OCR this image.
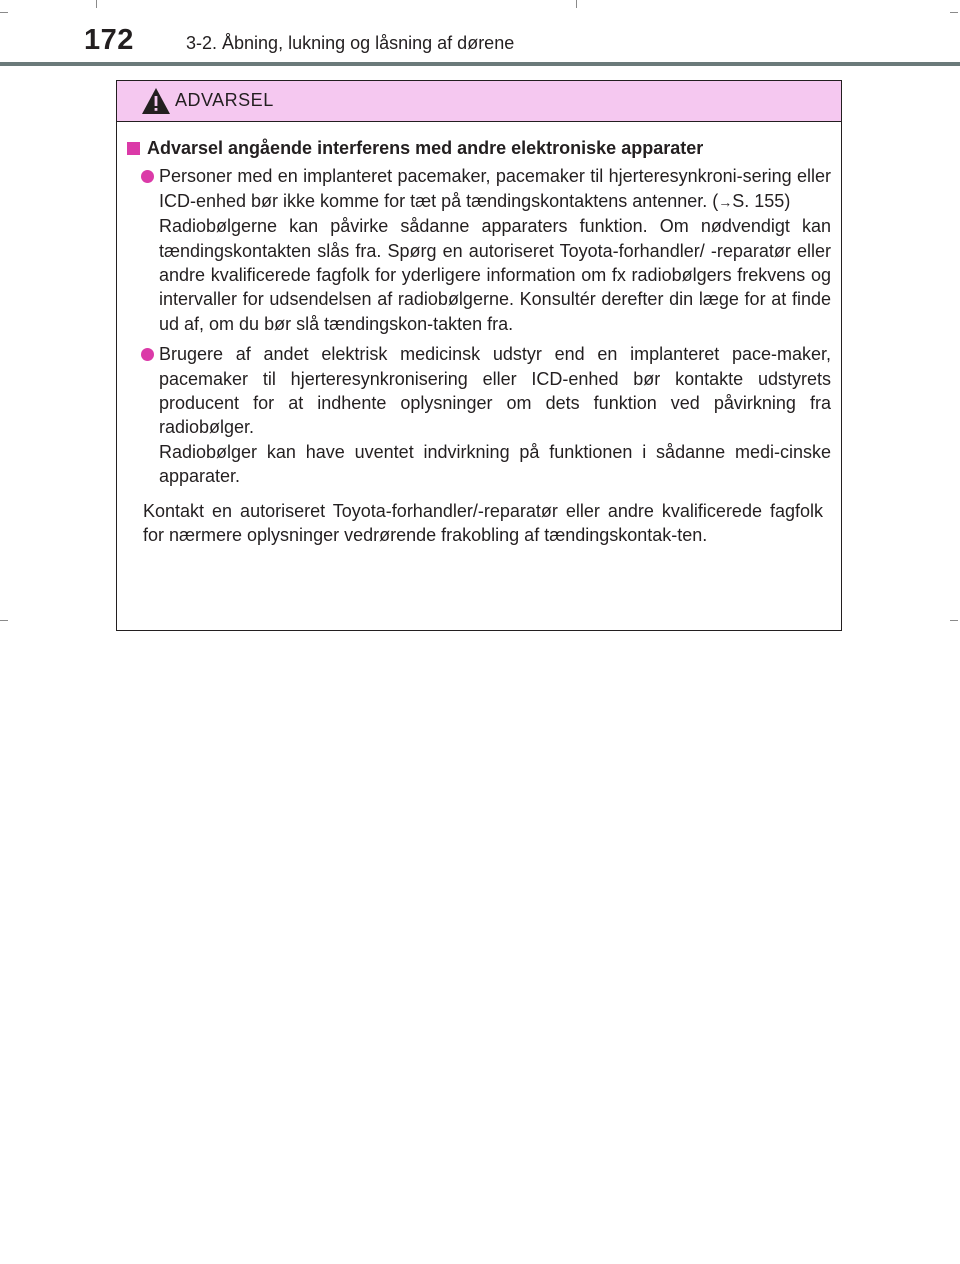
172	3-2. Åbning, lukning og låsning af dørene
ADVARSEL
Advarsel angående interferens med andre elektroniske apparater

Personer med en implanteret pacemaker, pacemaker til hjerteresynkroni-sering eller ICD-enhed bør ikke komme for tæt på tændingskontaktens antenner. (→S. 155)

Radiobølgerne kan påvirke sådanne apparaters funktion. Om nødvendigt kan tændingskontakten slås fra. Spørg en autoriseret Toyota-forhandler/ -reparatør eller andre kvalificerede fagfolk for yderligere information om fx radiobølgers frekvens og intervaller for udsendelsen af radiobølgerne. Konsultér derefter din læge for at finde ud af, om du bør slå tændingskon-takten fra.

Brugere af andet elektrisk medicinsk udstyr end en implanteret pace-maker, pacemaker til hjerteresynkronisering eller ICD-enhed bør kontakte udstyrets producent for at indhente oplysninger om dets funktion ved påvirkning fra radiobølger.

Radiobølger kan have uventet indvirkning på funktionen i sådanne medi-cinske apparater.

Kontakt en autoriseret Toyota-forhandler/-reparatør eller andre kvalificerede fagfolk for nærmere oplysninger vedrørende frakobling af tændingskontak-ten.
